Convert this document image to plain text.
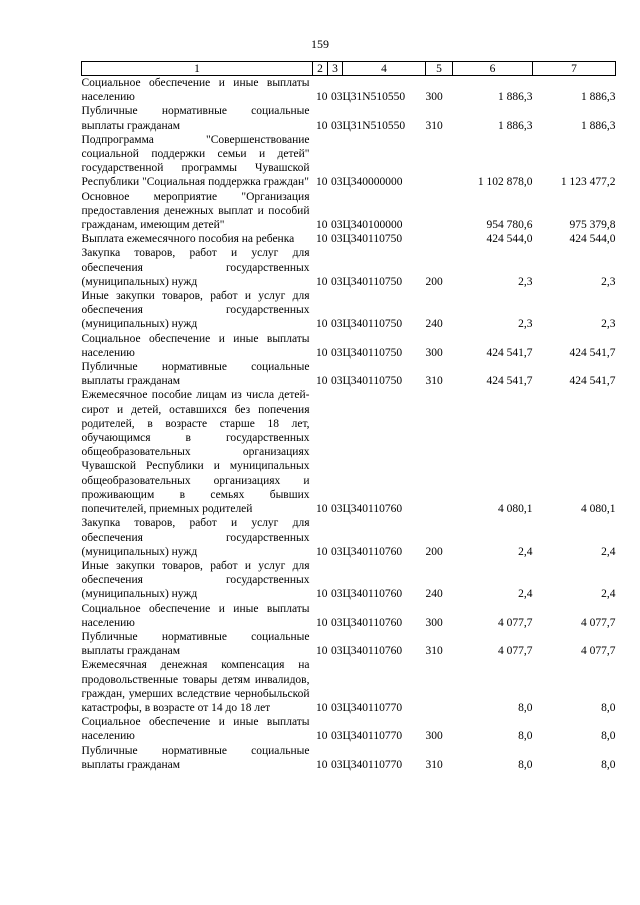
159
1	2	3	4	5	6	7
Социальное обеспечение и иные выплаты населению	10	03	Ц31N510550	300	1 886,3	1 886,3
Публичные нормативные социальные выплаты гражданам	10	03	Ц31N510550	310	1 886,3	1 886,3
Подпрограмма "Совершенствование социальной поддержки семьи и детей" государственной программы Чувашской Республики "Социальная поддержка граждан"	10	03	Ц340000000		1 102 878,0	1 123 477,2
Основное мероприятие "Организация предоставления денежных выплат и пособий гражданам, имеющим детей"	10	03	Ц340100000		954 780,6	975 379,8
Выплата ежемесячного пособия на ребенка	10	03	Ц340110750		424 544,0	424 544,0
Закупка товаров, работ и услуг для обеспечения государственных (муниципальных) нужд	10	03	Ц340110750	200	2,3	2,3
Иные закупки товаров, работ и услуг для обеспечения государственных (муниципальных) нужд	10	03	Ц340110750	240	2,3	2,3
Социальное обеспечение и иные выплаты населению	10	03	Ц340110750	300	424 541,7	424 541,7
Публичные нормативные социальные выплаты гражданам	10	03	Ц340110750	310	424 541,7	424 541,7
Ежемесячное пособие лицам из числа детей-сирот и детей, оставшихся без попечения родителей, в возрасте старше 18 лет, обучающимся в государственных общеобразовательных организациях Чувашской Республики и муниципальных общеобразовательных организациях и проживающим в семьях бывших попечителей, приемных родителей	10	03	Ц340110760		4 080,1	4 080,1
Закупка товаров, работ и услуг для обеспечения государственных (муниципальных) нужд	10	03	Ц340110760	200	2,4	2,4
Иные закупки товаров, работ и услуг для обеспечения государственных (муниципальных) нужд	10	03	Ц340110760	240	2,4	2,4
Социальное обеспечение и иные выплаты населению	10	03	Ц340110760	300	4 077,7	4 077,7
Публичные нормативные социальные выплаты гражданам	10	03	Ц340110760	310	4 077,7	4 077,7
Ежемесячная денежная компенсация на продовольственные товары детям инвалидов, граждан, умерших вследствие чернобыльской катастрофы, в возрасте от 14 до 18 лет	10	03	Ц340110770		8,0	8,0
Социальное обеспечение и иные выплаты населению	10	03	Ц340110770	300	8,0	8,0
Публичные нормативные социальные выплаты гражданам	10	03	Ц340110770	310	8,0	8,0
